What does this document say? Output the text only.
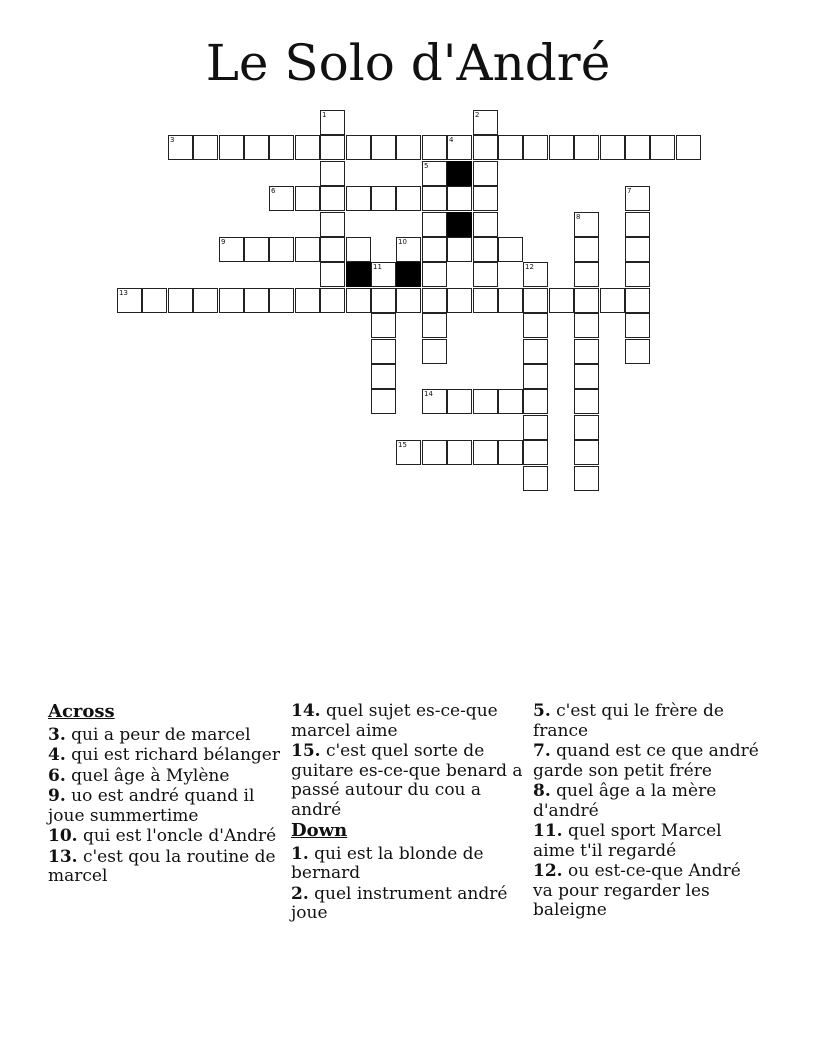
Le Solo d'André
3	4
6
9	10
13
14
15
1	2
5
7
8
11	12
Across
3. qui a peur de marcel
4. qui est richard bélanger
6. quel âge à Mylène
9. uo est andré quand il joue summertime
10. qui est l'oncle d'André
13. c'est qou la routine de marcel
14. quel sujet es-ce-que marcel aime
15. c'est quel sorte de guitare es-ce-que benard a passé autour du cou a andré
Down
1. qui est la blonde de bernard
2. quel instrument andré joue
5. c'est qui le frère de france
7. quand est ce que andré garde son petit frére
8. quel âge a la mère d'andré
11. quel sport Marcel aime t'il regardé
12. ou est-ce-que André va pour regarder les baleigne
